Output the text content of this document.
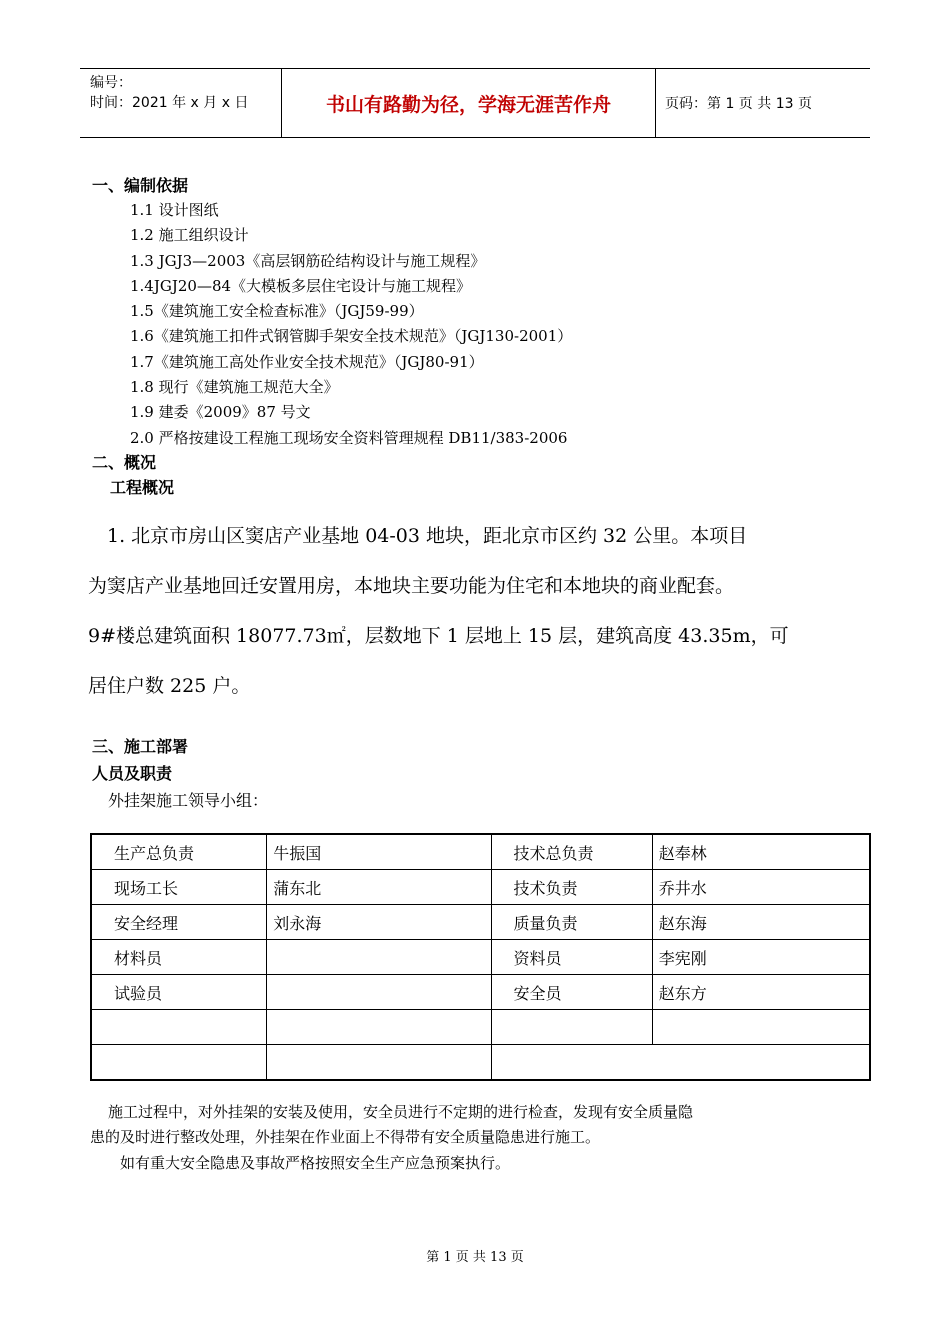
编号：
时间：2021 年 x 月 x 日	书山有路勤为径，学海无涯苦作舟	页码：第 1 页 共 13 页
一、编制依据
1.1 设计图纸
1.2 施工组织设计
1.3 JGJ3—2003《高层钢筋砼结构设计与施工规程》
1.4JGJ20—84《大模板多层住宅设计与施工规程》
1.5《建筑施工安全检查标准》（JGJ59-99）
1.6《建筑施工扣件式钢管脚手架安全技术规范》（JGJ130-2001）
1.7《建筑施工高处作业安全技术规范》（JGJ80-91）
1.8 现行《建筑施工规范大全》
1.9 建委《2009》87 号文
2.0 严格按建设工程施工现场安全资料管理规程 DB11/383-2006
二、概况
工程概况
　1. 北京市房山区窦店产业基地 04-03 地块，距北京市区约 32 公里。本项目
为窦店产业基地回迁安置用房，本地块主要功能为住宅和本地块的商业配套。
9#楼总建筑面积 18077.73㎡，层数地下 1 层地上 15 层，建筑高度 43.35m，可
居住户数 225 户。
三、施工部署
人员及职责
外挂架施工领导小组：
生产总负责	牛振国	技术总负责	赵奉林
现场工长	蒲东北	技术负责	乔井水
安全经理	刘永海	质量负责	赵东海
材料员		资料员	李宪刚
试验员		安全员	赵东方

施工过程中，对外挂架的安装及使用，安全员进行不定期的进行检查，发现有安全质量隐
患的及时进行整改处理，外挂架在作业面上不得带有安全质量隐患进行施工。
如有重大安全隐患及事故严格按照安全生产应急预案执行。
第 1 页 共 13 页
